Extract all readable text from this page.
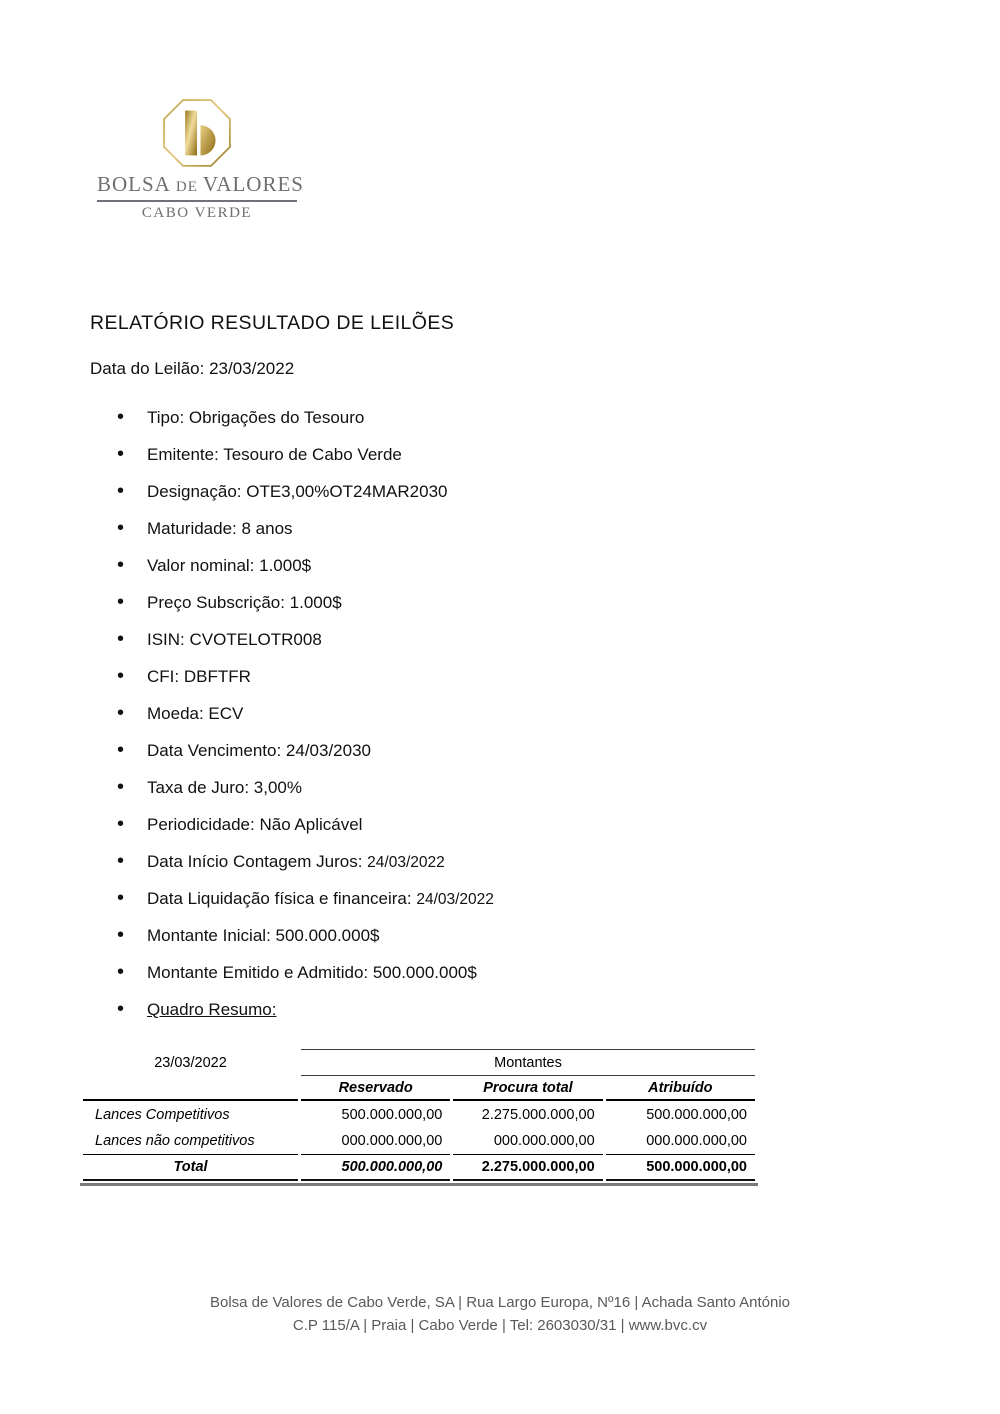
BOLSA DE VALORES
CABO VERDE
RELATÓRIO RESULTADO DE LEILÕES
Data do Leilão: 23/03/2022
• Tipo: Obrigações do Tesouro
• Emitente: Tesouro de Cabo Verde
• Designação: OTE3,00%OT24MAR2030
• Maturidade: 8 anos
• Valor nominal: 1.000$
• Preço Subscrição: 1.000$
• ISIN: CVOTELOTR008
• CFI: DBFTFR
• Moeda: ECV
• Data Vencimento: 24/03/2030
• Taxa de Juro: 3,00%
• Periodicidade: Não Aplicável
• Data Início Contagem Juros: 24/03/2022
• Data Liquidação física e financeira: 24/03/2022
• Montante Inicial: 500.000.000$
• Montante Emitido e Admitido: 500.000.000$
• Quadro Resumo:
23/03/2022	Montantes		
	Reservado	Procura total	Atribuído
Lances Competitivos	500.000.000,00	2.275.000.000,00	500.000.000,00
Lances não competitivos	000.000.000,00	000.000.000,00	000.000.000,00
Total	500.000.000,00	2.275.000.000,00	500.000.000,00
Bolsa de Valores de Cabo Verde, SA | Rua Largo Europa, Nº16 | Achada Santo António
C.P 115/A | Praia | Cabo Verde | Tel: 2603030/31 | www.bvc.cv
